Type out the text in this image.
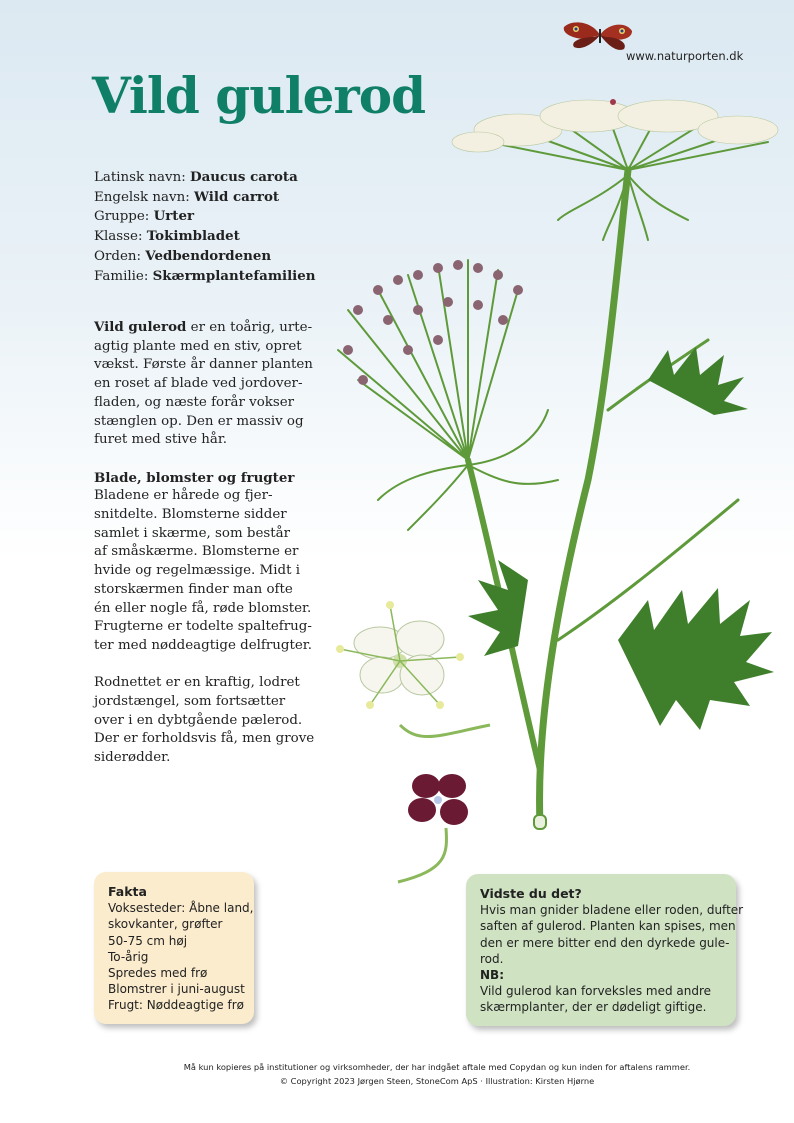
www.naturporten.dk
Vild gulerod
Latinsk navn: Daucus carota
Engelsk navn: Wild carrot
Gruppe: Urter
Klasse: Tokimbladet
Orden: Vedbendordenen
Familie: Skærmplantefamilien

Vild gulerod er en toårig, urte-
agtig plante med en stiv, opret
vækst. Første år danner planten
en roset af blade ved jordover-
fladen, og næste forår vokser
stænglen op. Den er massiv og
furet med stive hår.

Blade, blomster og frugter
Bladene er hårede og fjer-
snitdelte. Blomsterne sidder
samlet i skærme, som består
af småskærme. Blomsterne er
hvide og regelmæssige. Midt i
storskærmen finder man ofte
én eller nogle få, røde blomster.
Frugterne er todelte spaltefrug-
ter med nøddeagtige delfrugter.

Rodnettet er en kraftig, lodret
jordstængel, som fortsætter
over i en dybtgående pælerod.
Der er forholdsvis få, men grove
siderødder.

Fakta
Voksesteder: Åbne land,
skovkanter, grøfter
50-75 cm høj
To-årig
Spredes med frø
Blomstrer i juni-august
Frugt: Nøddeagtige frø
Vidste du det?
Hvis man gnider bladene eller roden, dufter
saften af gulerod. Planten kan spises, men
den er mere bitter end den dyrkede gule-
rod.
NB:
Vild gulerod kan forveksles med andre
skærmplanter, der er dødeligt giftige.
Må kun kopieres på institutioner og virksomheder, der har indgået aftale med Copydan og kun inden for aftalens rammer.
© Copyright 2023 Jørgen Steen, StoneCom ApS · Illustration: Kirsten Hjørne
